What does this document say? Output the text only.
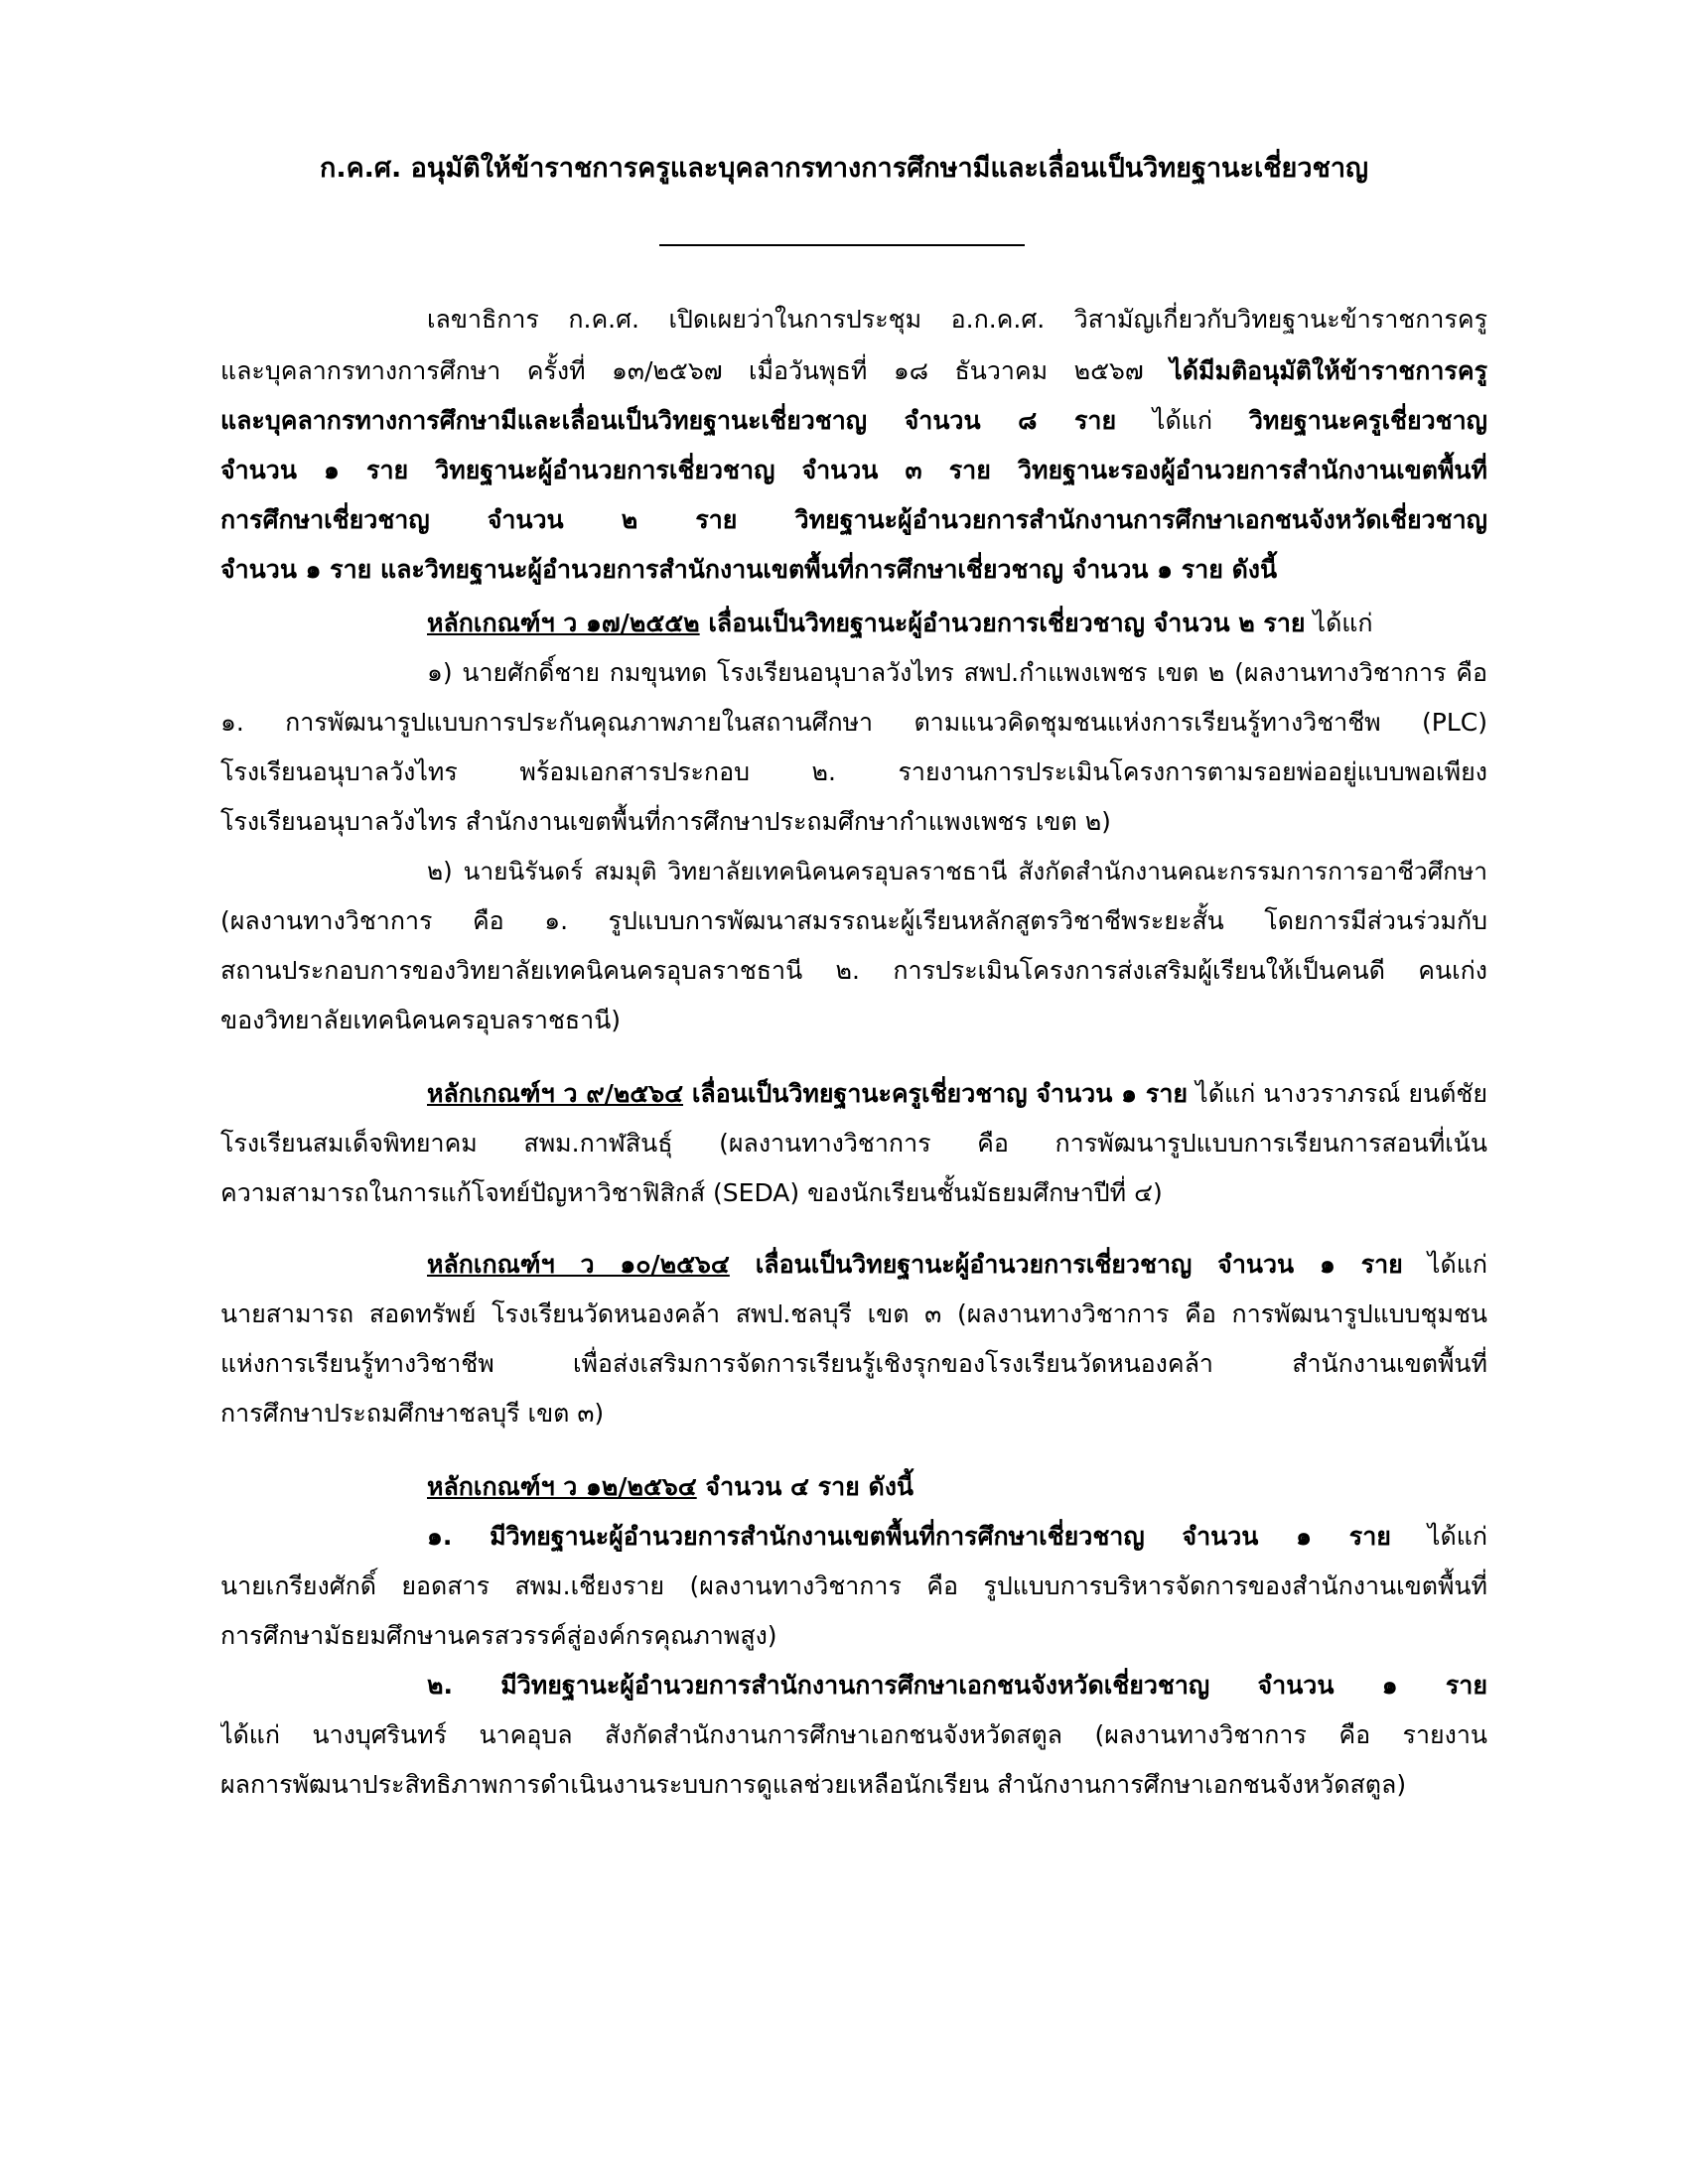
ก.ค.ศ. อนุมัติให้ข้าราชการครูและบุคลากรทางการศึกษามีและเลื่อนเป็นวิทยฐานะเชี่ยวชาญ
เลขาธิการ ก.ค.ศ. เปิดเผยว่าในการประชุม อ.ก.ค.ศ. วิสามัญเกี่ยวกับวิทยฐานะข้าราชการครู
และบุคลากรทางการศึกษา ครั้งที่ ๑๓/๒๕๖๗ เมื่อวันพุธที่ ๑๘ ธันวาคม ๒๕๖๗ ได้มีมติอนุมัติให้ข้าราชการครู
และบุคลากรทางการศึกษามีและเลื่อนเป็นวิทยฐานะเชี่ยวชาญ จำนวน ๘ ราย ได้แก่ วิทยฐานะครูเชี่ยวชาญ
จำนวน ๑ ราย วิทยฐานะผู้อำนวยการเชี่ยวชาญ จำนวน ๓ ราย วิทยฐานะรองผู้อำนวยการสำนักงานเขตพื้นที่
การศึกษาเชี่ยวชาญ จำนวน ๒ ราย วิทยฐานะผู้อำนวยการสำนักงานการศึกษาเอกชนจังหวัดเชี่ยวชาญ
จำนวน ๑ ราย และวิทยฐานะผู้อำนวยการสำนักงานเขตพื้นที่การศึกษาเชี่ยวชาญ จำนวน ๑ ราย ดังนี้
หลักเกณฑ์ฯ ว ๑๗/๒๕๕๒ เลื่อนเป็นวิทยฐานะผู้อำนวยการเชี่ยวชาญ จำนวน ๒ ราย ได้แก่
๑) นายศักดิ์ชาย กมขุนทด โรงเรียนอนุบาลวังไทร สพป.กำแพงเพชร เขต ๒ (ผลงานทางวิชาการ คือ
๑. การพัฒนารูปแบบการประกันคุณภาพภายในสถานศึกษา ตามแนวคิดชุมชนแห่งการเรียนรู้ทางวิชาชีพ (PLC)
โรงเรียนอนุบาลวังไทร พร้อมเอกสารประกอบ ๒. รายงานการประเมินโครงการตามรอยพ่ออยู่แบบพอเพียง
โรงเรียนอนุบาลวังไทร สำนักงานเขตพื้นที่การศึกษาประถมศึกษากำแพงเพชร เขต ๒)
๒) นายนิรันดร์ สมมุติ วิทยาลัยเทคนิคนครอุบลราชธานี สังกัดสำนักงานคณะกรรมการการอาชีวศึกษา
(ผลงานทางวิชาการ คือ ๑. รูปแบบการพัฒนาสมรรถนะผู้เรียนหลักสูตรวิชาชีพระยะสั้น โดยการมีส่วนร่วมกับ
สถานประกอบการของวิทยาลัยเทคนิคนครอุบลราชธานี ๒. การประเมินโครงการส่งเสริมผู้เรียนให้เป็นคนดี คนเก่ง
ของวิทยาลัยเทคนิคนครอุบลราชธานี)
หลักเกณฑ์ฯ ว ๙/๒๕๖๔ เลื่อนเป็นวิทยฐานะครูเชี่ยวชาญ จำนวน ๑ ราย ได้แก่ นางวราภรณ์ ยนต์ชัย
โรงเรียนสมเด็จพิทยาคม สพม.กาฬสินธุ์ (ผลงานทางวิชาการ คือ การพัฒนารูปแบบการเรียนการสอนที่เน้น
ความสามารถในการแก้โจทย์ปัญหาวิชาฟิสิกส์ (SEDA) ของนักเรียนชั้นมัธยมศึกษาปีที่ ๔)
หลักเกณฑ์ฯ ว ๑๐/๒๕๖๔ เลื่อนเป็นวิทยฐานะผู้อำนวยการเชี่ยวชาญ จำนวน ๑ ราย ได้แก่
นายสามารถ สอดทรัพย์ โรงเรียนวัดหนองคล้า สพป.ชลบุรี เขต ๓ (ผลงานทางวิชาการ คือ การพัฒนารูปแบบชุมชน
แห่งการเรียนรู้ทางวิชาชีพ เพื่อส่งเสริมการจัดการเรียนรู้เชิงรุกของโรงเรียนวัดหนองคล้า สำนักงานเขตพื้นที่
การศึกษาประถมศึกษาชลบุรี เขต ๓)
หลักเกณฑ์ฯ ว ๑๒/๒๕๖๔ จำนวน ๔ ราย ดังนี้
๑. มีวิทยฐานะผู้อำนวยการสำนักงานเขตพื้นที่การศึกษาเชี่ยวชาญ จำนวน ๑ ราย ได้แก่
นายเกรียงศักดิ์ ยอดสาร สพม.เชียงราย (ผลงานทางวิชาการ คือ รูปแบบการบริหารจัดการของสำนักงานเขตพื้นที่
การศึกษามัธยมศึกษานครสวรรค์สู่องค์กรคุณภาพสูง)
๒. มีวิทยฐานะผู้อำนวยการสำนักงานการศึกษาเอกชนจังหวัดเชี่ยวชาญ จำนวน ๑ ราย
ได้แก่ นางบุศรินทร์ นาคอุบล สังกัดสำนักงานการศึกษาเอกชนจังหวัดสตูล (ผลงานทางวิชาการ คือ รายงาน
ผลการพัฒนาประสิทธิภาพการดำเนินงานระบบการดูแลช่วยเหลือนักเรียน สำนักงานการศึกษาเอกชนจังหวัดสตูล)
